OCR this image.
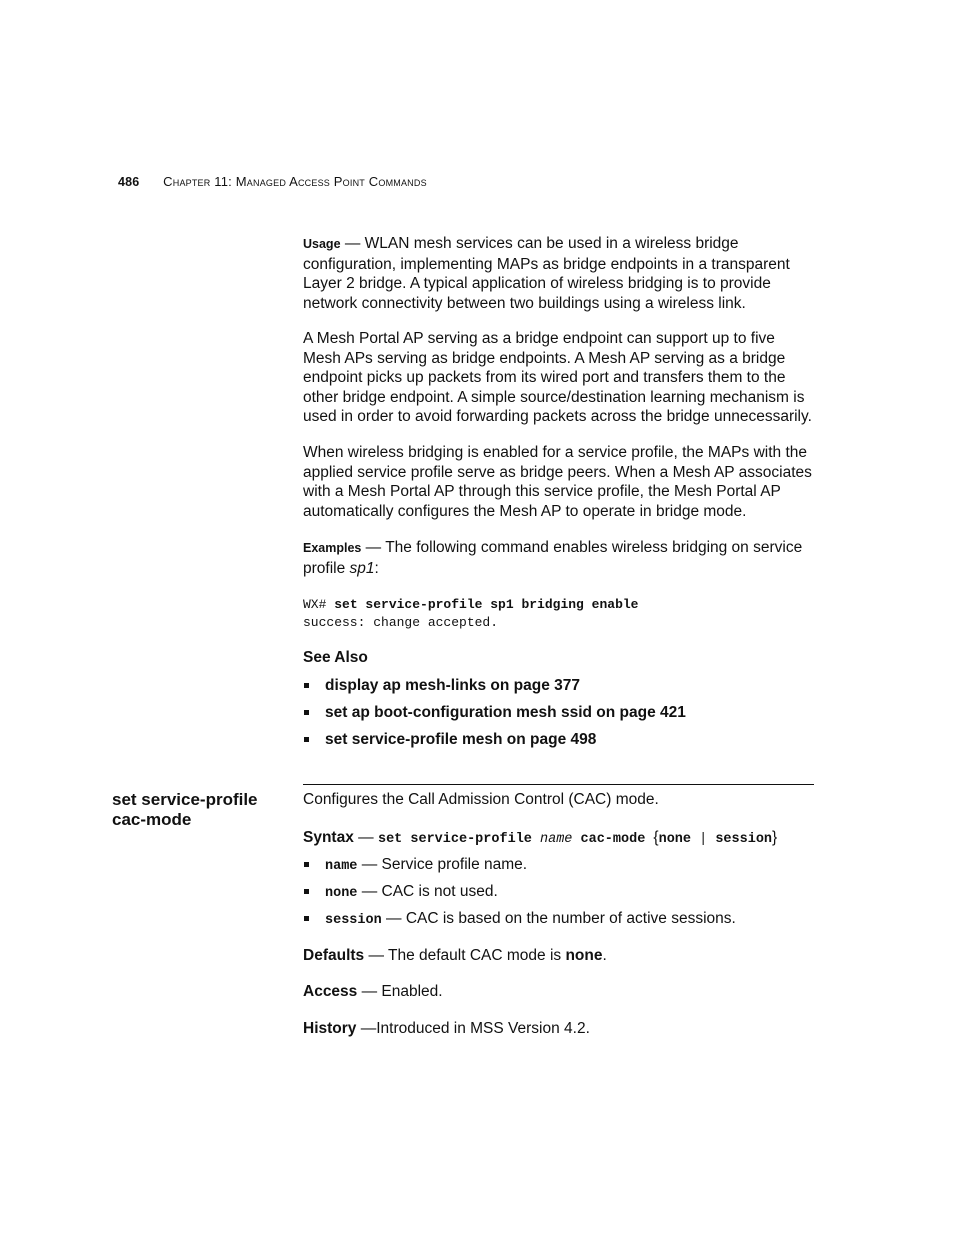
486 Chapter 11: Managed Access Point Commands

Usage — WLAN mesh services can be used in a wireless bridge configuration, implementing MAPs as bridge endpoints in a transparent Layer 2 bridge. A typical application of wireless bridging is to provide network connectivity between two buildings using a wireless link.

A Mesh Portal AP serving as a bridge endpoint can support up to five Mesh APs serving as bridge endpoints. A Mesh AP serving as a bridge endpoint picks up packets from its wired port and transfers them to the other bridge endpoint. A simple source/destination learning mechanism is used in order to avoid forwarding packets across the bridge unnecessarily.

When wireless bridging is enabled for a service profile, the MAPs with the applied service profile serve as bridge peers. When a Mesh AP associates with a Mesh Portal AP through this service profile, the Mesh Portal AP automatically configures the Mesh AP to operate in bridge mode.

Examples — The following command enables wireless bridging on service profile sp1:

WX# set service-profile sp1 bridging enable
success: change accepted.
See Also
display ap mesh-links on page 377
set ap boot-configuration mesh ssid on page 421
set service-profile mesh on page 498
set service-profile
cac-mode

Configures the Call Admission Control (CAC) mode.

Syntax — set service-profile name cac-mode {none | session}

name — Service profile name.
none — CAC is not used.
session — CAC is based on the number of active sessions.

Defaults — The default CAC mode is none.

Access — Enabled.

History —Introduced in MSS Version 4.2.
